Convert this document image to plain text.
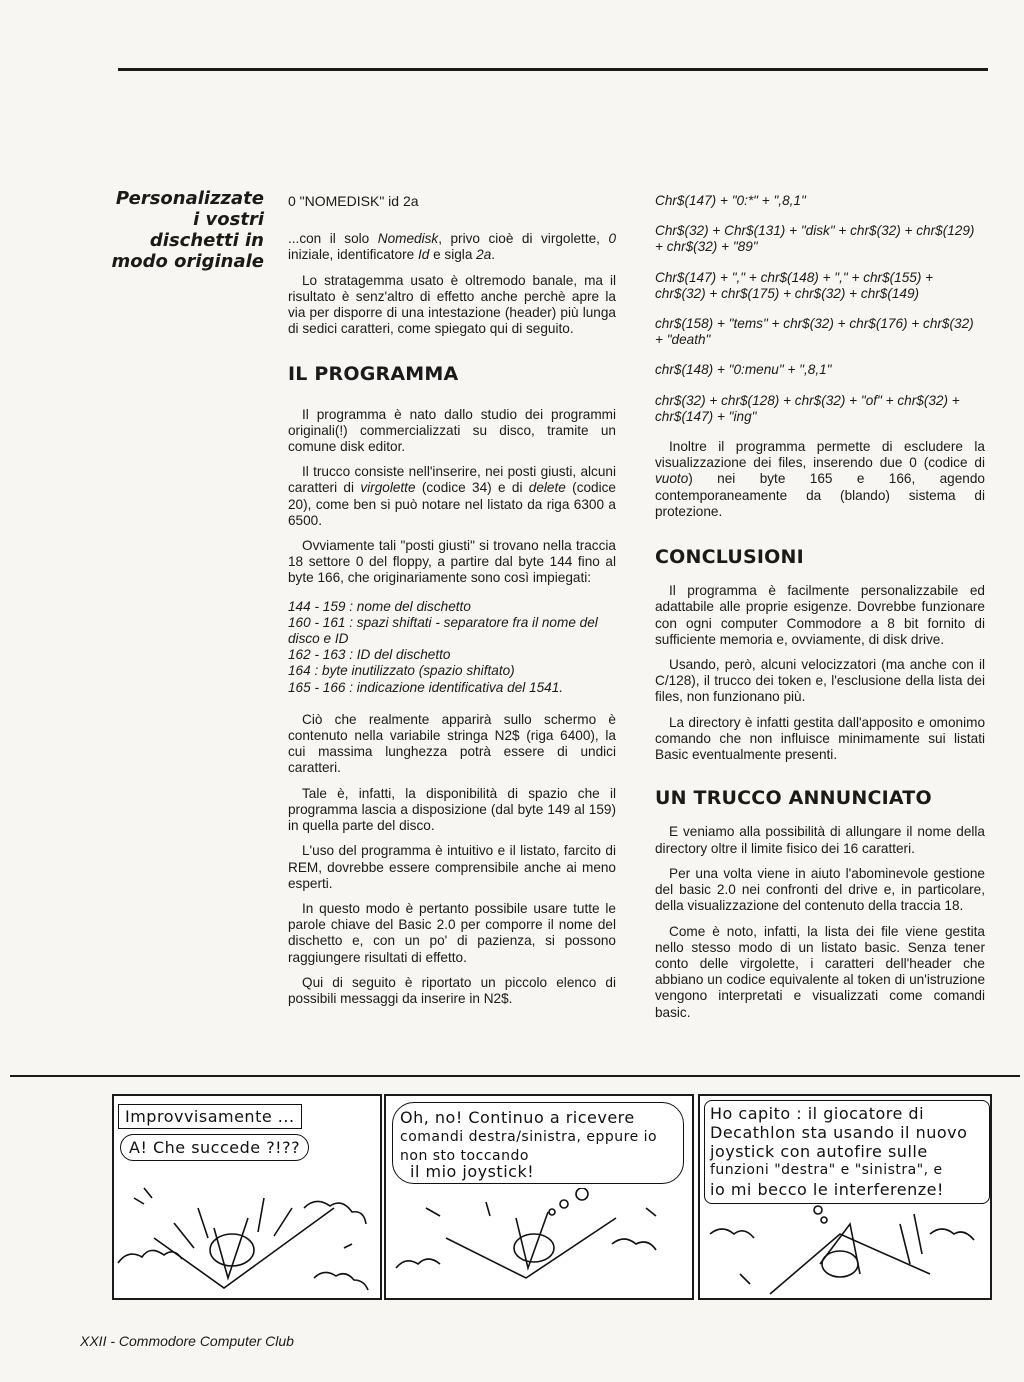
Personalizzate i vostri dischetti in modo originale

0 "NOMEDISK" id 2a

...con il solo Nomedisk, privo cioè di virgolette, 0 iniziale, identificatore Id e sigla 2a.

Lo stratagemma usato è oltremodo banale, ma il risultato è senz'altro di effetto anche perchè apre la via per disporre di una intestazione (header) più lunga di sedici caratteri, come spiegato qui di seguito.

IL PROGRAMMA

Il programma è nato dallo studio dei programmi originali(!) commercializzati su disco, tramite un comune disk editor.

Il trucco consiste nell'inserire, nei posti giusti, alcuni caratteri di virgolette (codice 34) e di delete (codice 20), come ben si può notare nel listato da riga 6300 a 6500.

Ovviamente tali "posti giusti" si trovano nella traccia 18 settore 0 del floppy, a partire dal byte 144 fino al byte 166, che originariamente sono così impiegati:

144 - 159 : nome del dischetto
160 - 161 : spazi shiftati - separatore fra il nome del disco e ID
162 - 163 : ID del dischetto
164 : byte inutilizzato (spazio shiftato)
165 - 166 : indicazione identificativa del 1541.

Ciò che realmente apparirà sullo schermo è contenuto nella variabile stringa N2$ (riga 6400), la cui massima lunghezza potrà essere di undici caratteri.

Tale è, infatti, la disponibilità di spazio che il programma lascia a disposizione (dal byte 149 al 159) in quella parte del disco.

L'uso del programma è intuitivo e il listato, farcito di REM, dovrebbe essere comprensibile anche ai meno esperti.

In questo modo è pertanto possibile usare tutte le parole chiave del Basic 2.0 per comporre il nome del dischetto e, con un po' di pazienza, si possono raggiungere risultati di effetto.

Qui di seguito è riportato un piccolo elenco di possibili messaggi da inserire in N2$.

Chr$(147) + "0:*" + ",8,1"

Chr$(32) + Chr$(131) + "disk" + chr$(32) + chr$(129) + chr$(32) + "89"

Chr$(147) + "," + chr$(148) + "," + chr$(155) + chr$(32) + chr$(175) + chr$(32) + chr$(149)

chr$(158) + "tems" + chr$(32) + chr$(176) + chr$(32) + "death"

chr$(148) + "0:menu" + ",8,1"

chr$(32) + chr$(128) + chr$(32) + "of" + chr$(32) + chr$(147) + "ing"

Inoltre il programma permette di escludere la visualizzazione dei files, inserendo due 0 (codice di vuoto) nei byte 165 e 166, agendo contemporaneamente da (blando) sistema di protezione.

CONCLUSIONI

Il programma è facilmente personalizzabile ed adattabile alle proprie esigenze. Dovrebbe funzionare con ogni computer Commodore a 8 bit fornito di sufficiente memoria e, ovviamente, di disk drive.

Usando, però, alcuni velocizzatori (ma anche con il C/128), il trucco dei token e, l'esclusione della lista dei files, non funzionano più.

La directory è infatti gestita dall'apposito e omonimo comando che non influisce minimamente sui listati Basic eventualmente presenti.

UN TRUCCO ANNUNCIATO

E veniamo alla possibilità di allungare il nome della directory oltre il limite fisico dei 16 caratteri.

Per una volta viene in aiuto l'abominevole gestione del basic 2.0 nei confronti del drive e, in particolare, della visualizzazione del contenuto della traccia 18.

Come è noto, infatti, la lista dei file viene gestita nello stesso modo di un listato basic. Senza tener conto delle virgolette, i caratteri dell'header che abbiano un codice equivalente al token di un'istruzione vengono interpretati e visualizzati come comandi basic.

Improvvisamente ...
A! Che succede ?!??
Oh, no! Continuo a ricevere
comandi destra/sinistra, eppure io non sto toccando
il mio joystick!
Ho capito : il giocatore di
Decathlon sta usando il nuovo
joystick con autofire sulle
funzioni "destra" e "sinistra", e
io mi becco le interferenze!
XXII - Commodore Computer Club
